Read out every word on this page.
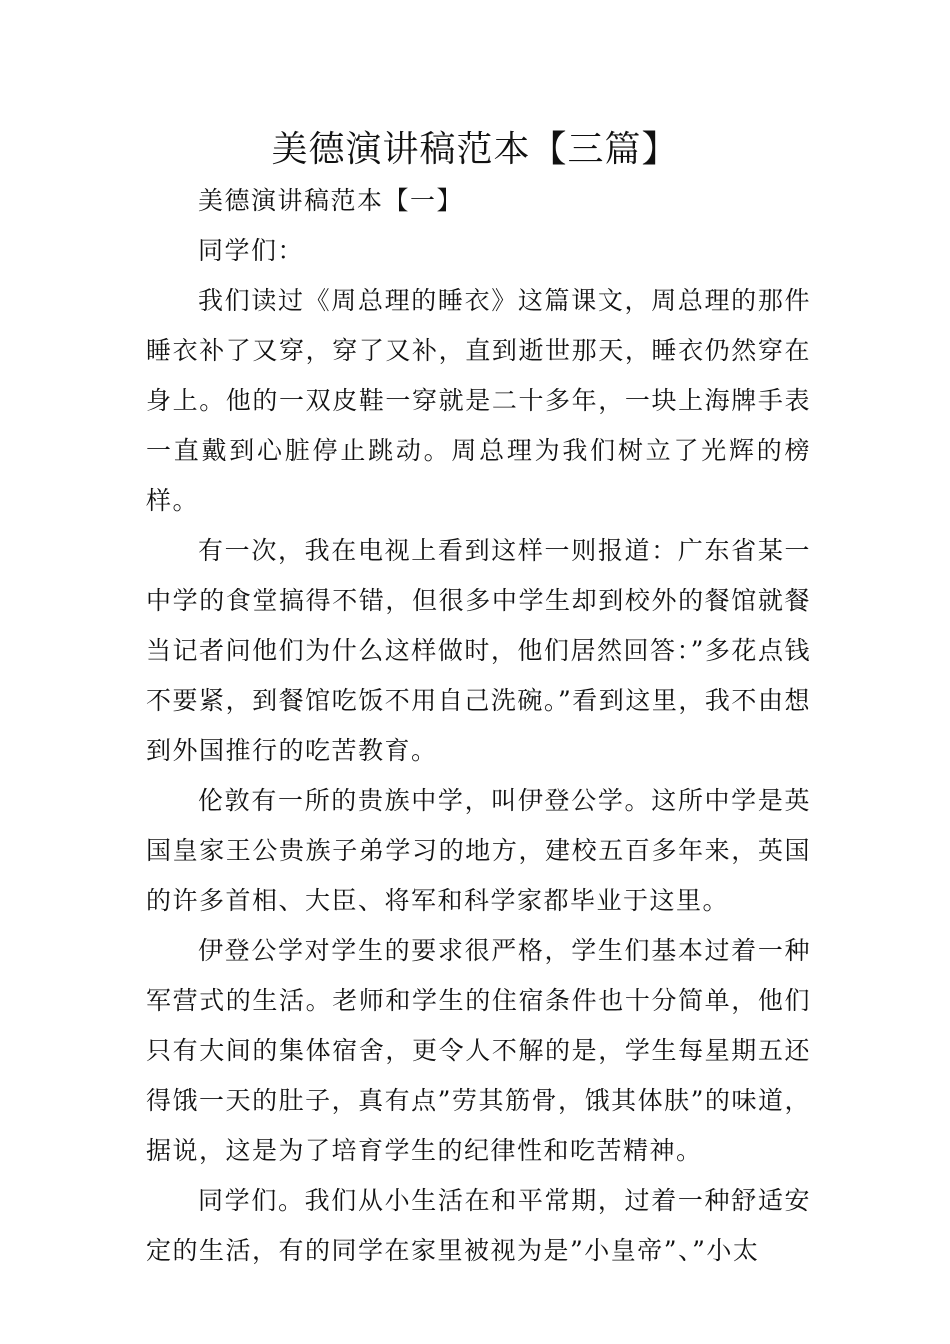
美德演讲稿范本【三篇】

美德演讲稿范本【一】

同学们：

我们读过《周总理的睡衣》这篇课文，周总理的那件睡衣补了又穿，穿了又补，直到逝世那天，睡衣仍然穿在身上。他的一双皮鞋一穿就是二十多年，一块上海牌手表一直戴到心脏停止跳动。周总理为我们树立了光辉的榜样。

有一次，我在电视上看到这样一则报道：广东省某一中学的食堂搞得不错，但很多中学生却到校外的餐馆就餐当记者问他们为什么这样做时，他们居然回答：”多花点钱不要紧，到餐馆吃饭不用自己洗碗。”看到这里，我不由想到外国推行的吃苦教育。

伦敦有一所的贵族中学，叫伊登公学。这所中学是英国皇家王公贵族子弟学习的地方，建校五百多年来，英国的许多首相、大臣、将军和科学家都毕业于这里。

伊登公学对学生的要求很严格，学生们基本过着一种军营式的生活。老师和学生的住宿条件也十分简单，他们只有大间的集体宿舍，更令人不解的是，学生每星期五还得饿一天的肚子，真有点”劳其筋骨，饿其体肤”的味道，据说，这是为了培育学生的纪律性和吃苦精神。

同学们。我们从小生活在和平常期，过着一种舒适安定的生活，有的同学在家里被视为是”小皇帝”、”小太
